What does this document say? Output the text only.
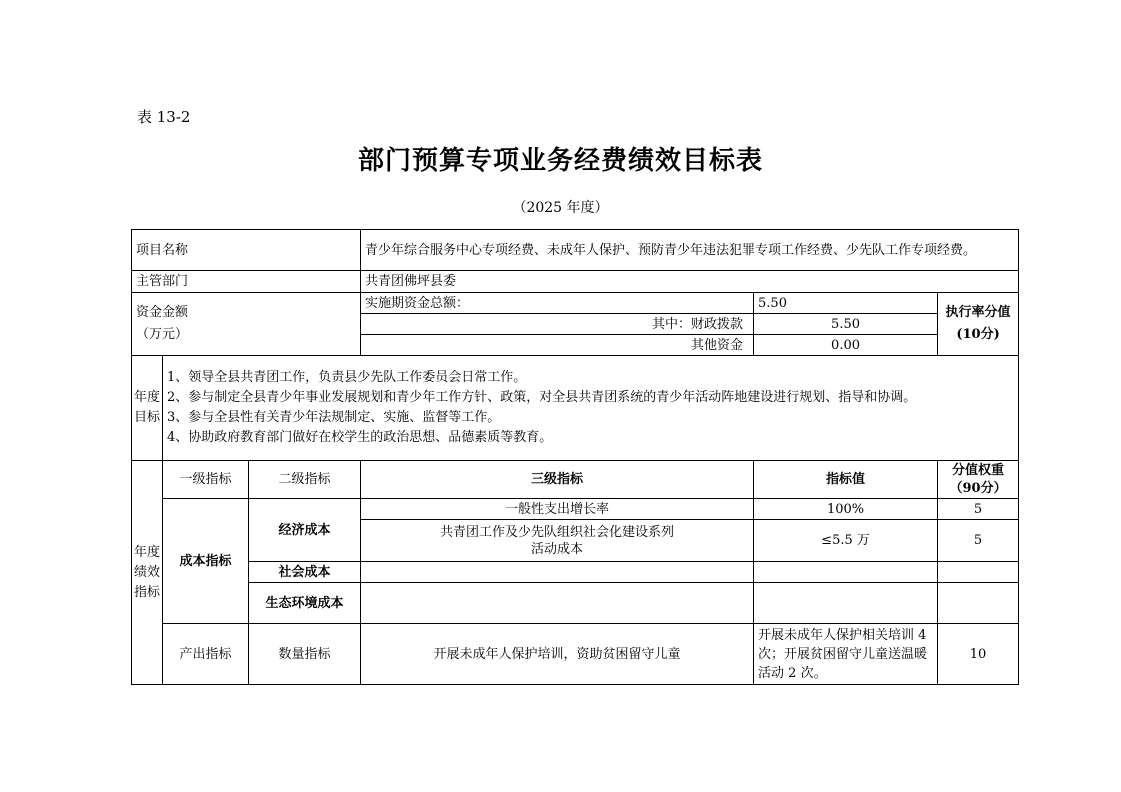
表 13-2
部门预算专项业务经费绩效目标表
（2025 年度）
项目名称			青少年综合服务中心专项经费、未成年人保护、预防青少年违法犯罪专项工作经费、少先队工作专项经费。		
主管部门			共青团佛坪县委		
资金金额
（万元）			实施期资金总额：	5.50	执行率分值(10分)
			其中：财政拨款	5.50	
			其他资金	0.00	
年度目标	1、领导全县共青团工作，负责县少先队工作委员会日常工作。
2、参与制定全县青少年事业发展规划和青少年工作方针、政策，对全县共青团系统的青少年活动阵地建设进行规划、指导和协调。
3、参与全县性有关青少年法规制定、实施、监督等工作。
4、协助政府教育部门做好在校学生的政治思想、品德素质等教育。				

年度绩效指标	一级指标	二级指标	三级指标	指标值	分值权重
（90分）
	成本指标	经济成本	一般性支出增长率	100%	5
			共青团工作及少先队组织社会化建设系列
活动成本	≤5.5 万	5
		社会成本			
		生态环境成本			
	产出指标	数量指标	开展未成年人保护培训，资助贫困留守儿童	开展未成年人保护相关培训 4 次；开展贫困留守儿童送温暖活动 2 次。	10
